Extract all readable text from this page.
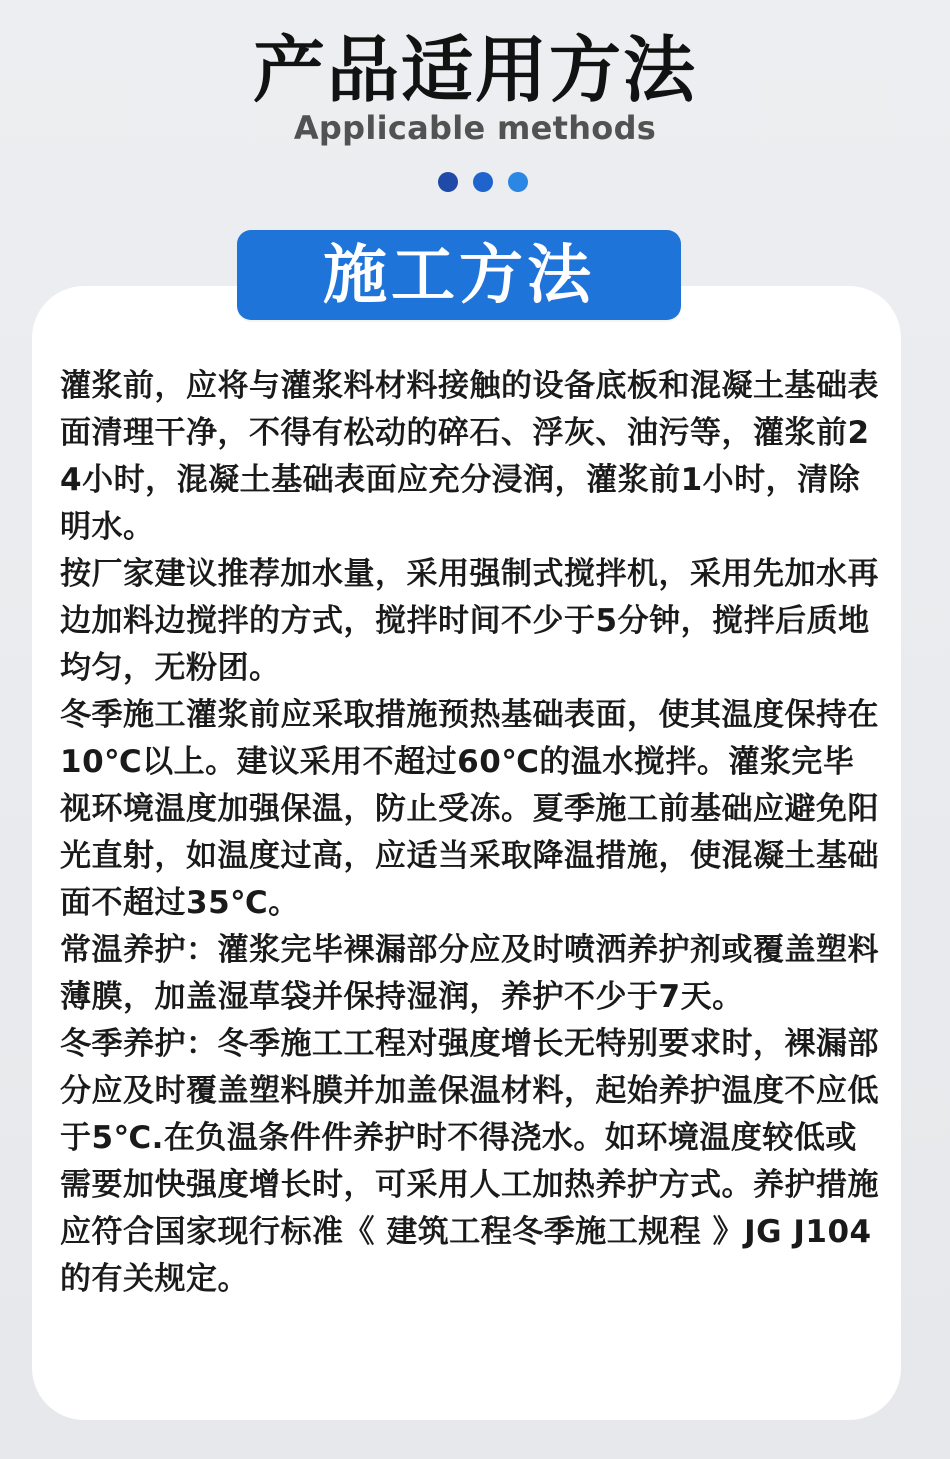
产品适用方法
Applicable methods
施工方法

灌浆前，应将与灌浆料材料接触的设备底板和混凝土基础表面清理干净，不得有松动的碎石、浮灰、油污等，灌浆前24小时，混凝土基础表面应充分浸润，灌浆前1小时，清除明水。

按厂家建议推荐加水量，采用强制式搅拌机，采用先加水再边加料边搅拌的方式，搅拌时间不少于5分钟，搅拌后质地均匀，无粉团。

冬季施工灌浆前应采取措施预热基础表面，使其温度保持在10℃以上。建议采用不超过60℃的温水搅拌。灌浆完毕视环境温度加强保温，防止受冻。夏季施工前基础应避免阳光直射，如温度过高，应适当采取降温措施，使混凝土基础面不超过35℃。

常温养护：灌浆完毕裸漏部分应及时喷洒养护剂或覆盖塑料薄膜，加盖湿草袋并保持湿润，养护不少于7天。

冬季养护：冬季施工工程对强度增长无特别要求时，裸漏部分应及时覆盖塑料膜并加盖保温材料，起始养护温度不应低于5℃.在负温条件件养护时不得浇水。如环境温度较低或需要加快强度增长时，可采用人工加热养护方式。养护措施应符合国家现行标准《 建筑工程冬季施工规程 》JG J104的有关规定。
